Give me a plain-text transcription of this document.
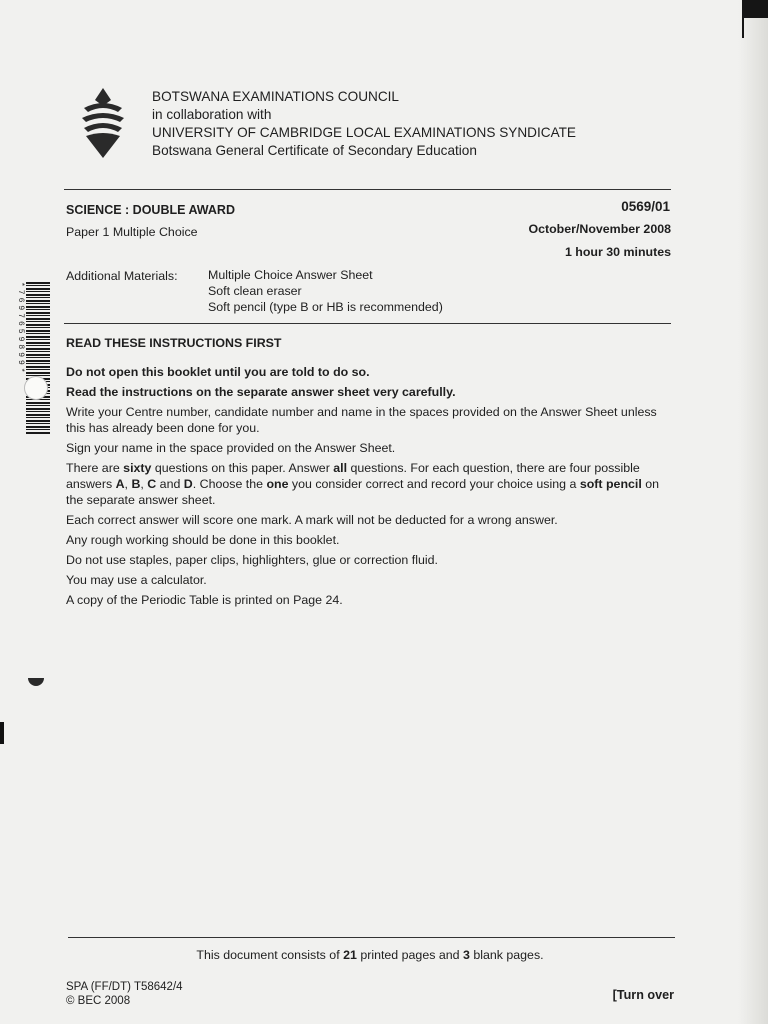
BOTSWANA EXAMINATIONS COUNCIL
in collaboration with
UNIVERSITY OF CAMBRIDGE LOCAL EXAMINATIONS SYNDICATE
Botswana General Certificate of Secondary Education
SCIENCE : DOUBLE AWARD	0569/01
Paper 1 Multiple Choice	October/November 2008
1 hour 30 minutes
Additional Materials: Multiple Choice Answer Sheet
Soft clean eraser
Soft pencil (type B or HB is recommended)
READ THESE INSTRUCTIONS FIRST

Do not open this booklet until you are told to do so.

Read the instructions on the separate answer sheet very carefully.

Write your Centre number, candidate number and name in the spaces provided on the Answer Sheet unless this has already been done for you.

Sign your name in the space provided on the Answer Sheet.

There are sixty questions on this paper. Answer all questions. For each question, there are four possible answers A, B, C and D. Choose the one you consider correct and record your choice using a soft pencil on the separate answer sheet.

Each correct answer will score one mark. A mark will not be deducted for a wrong answer.

Any rough working should be done in this booklet.

Do not use staples, paper clips, highlighters, glue or correction fluid.

You may use a calculator.

A copy of the Periodic Table is printed on Page 24.

*7697659899*
This document consists of 21 printed pages and 3 blank pages.
SPA (FF/DT) T58642/4
© BEC 2008	[Turn over
